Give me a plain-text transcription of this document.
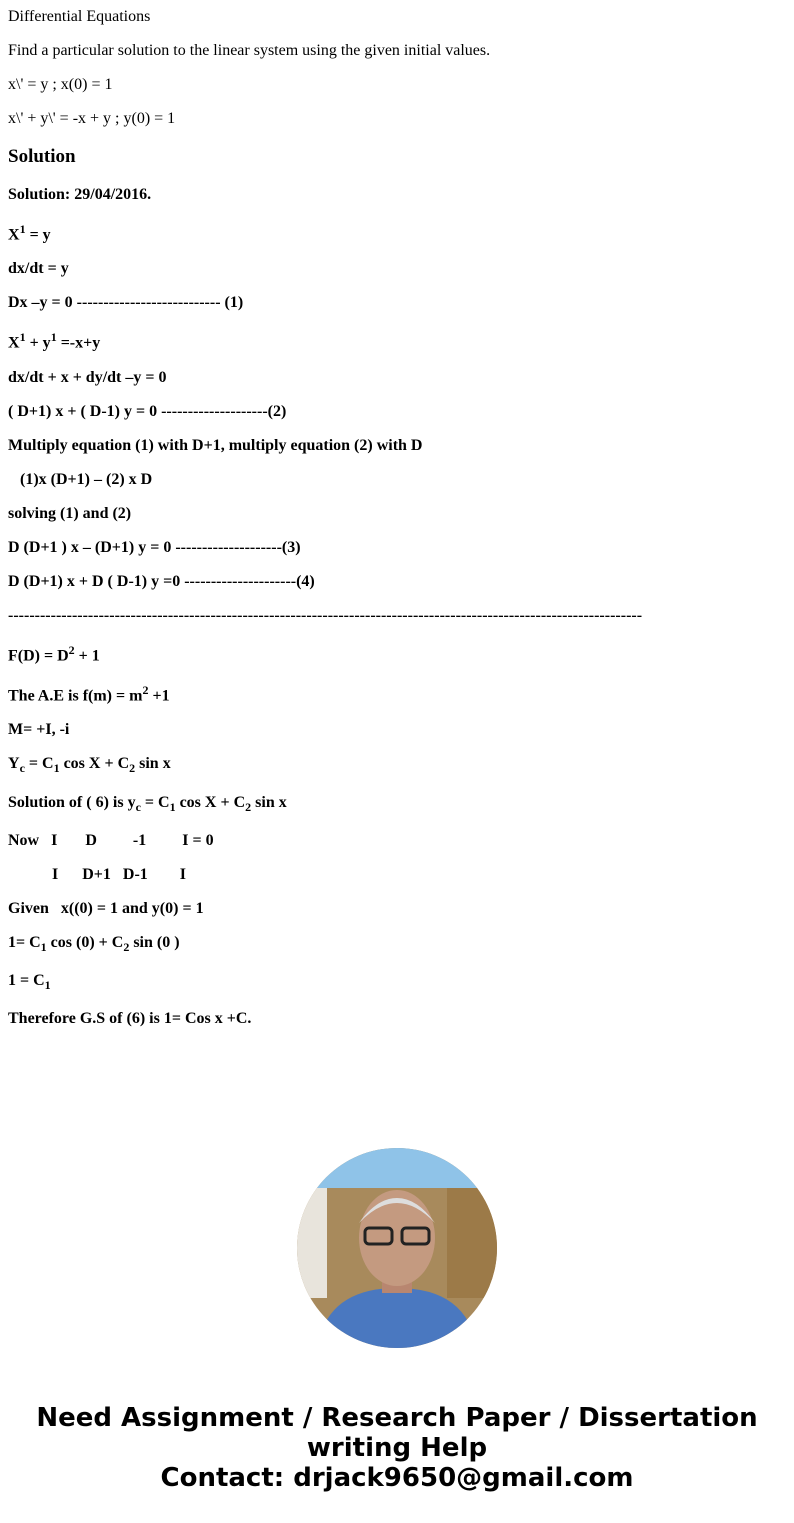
Differential Equations

Find a particular solution to the linear system using the given initial values.

x\' = y ; x(0) = 1

x\' + y\' = -x + y ; y(0) = 1

Solution

Solution: 29/04/2016.

$X^1 = y$

dx/dt = y

Dx –y = 0 --------------------------- (1)

$X^1 + y^1 =-x+y$

dx/dt + x + dy/dt –y = 0

( D+1) x + ( D-1) y = 0 --------------------(2)

Multiply equation (1) with D+1, multiply equation (2) with D

(1)x (D+1) – (2) x D

solving (1) and (2)

D (D+1 ) x – (D+1) y = 0 --------------------(3)

D (D+1) x + D ( D-1) y =0 ---------------------(4)

-----------------------------------------------------------------------------------------------------------------------

$F(D) = D^2 + 1$

The A.E is $f(m) = m^2 +1$

M= +I, -i

$Y_c = C_1$ $\cos X + C_2$ sin x

Solution of ( 6) is $y_c = C_1$ $\cos X + C_2$ sin x

Now   I       D         -1         I = 0

I      D+1   D-1        I

Given   x((0) = 1 and y(0) = 1

$1= C_1$ $\cos (0) + C_2$ sin (0 )

$1 = C_1$

Therefore G.S of (6) is 1= Cos x +C.

Need Assignment / Research Paper / Dissertation writing Help
Contact: drjack9650@gmail.com
